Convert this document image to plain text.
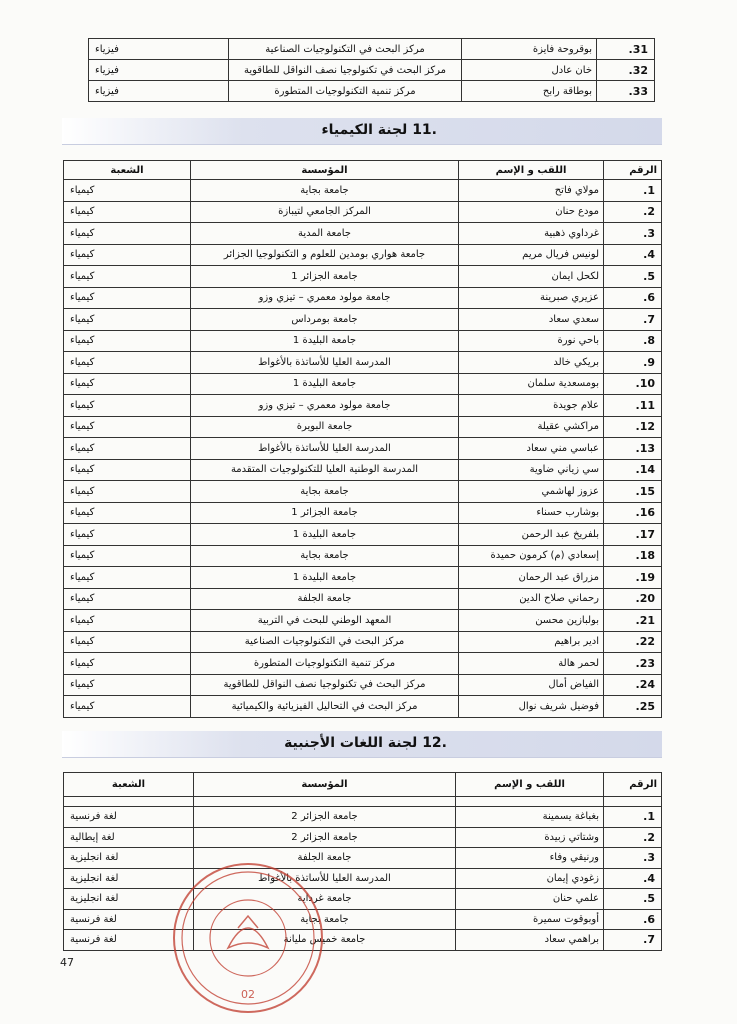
31.	بوقروحة فايزة	مركز البحث في التكنولوجيات الصناعية	فيزياء
32.	خان عادل	مركز البحث في تكنولوجيا نصف النواقل للطاقوية	فيزياء
33.	بوطاقة رابح	مركز تنمية التكنولوجيات المتطورة	فيزياء
.11 لجنة الكيمياء
الرقم	اللقب و الإسم	المؤسسة	الشعبة
1.	مولاي فاتح	جامعة بجاية	كيمياء
2.	مودع حنان	المركز الجامعي لتيبازة	كيمياء
3.	غرداوي ذهبية	جامعة المدية	كيمياء
4.	لونيس فريال مريم	جامعة هواري بومدين للعلوم و التكنولوجيا الجزائر	كيمياء
5.	لكحل ايمان	جامعة الجزائر 1	كيمياء
6.	عزيري صبرينة	جامعة مولود معمري – تيزي وزو	كيمياء
7.	سعدي سعاد	جامعة بومرداس	كيمياء
8.	باحي نورة	جامعة البليدة 1	كيمياء
9.	بريكي خالد	المدرسة العليا للأساتذة بالأغواط	كيمياء
10.	بومسعدية سلمان	جامعة البليدة 1	كيمياء
11.	علام جويدة	جامعة مولود معمري – تيزي وزو	كيمياء
12.	مراكشي عقيلة	جامعة البويرة	كيمياء
13.	عباسي مني سعاد	المدرسة العليا للأساتذة بالأغواط	كيمياء
14.	سي زياني ضاوية	المدرسة الوطنية العليا للتكنولوجيات المتقدمة	كيمياء
15.	عزوز لهاشمي	جامعة بجاية	كيمياء
16.	بوشارب حسناء	جامعة الجزائر 1	كيمياء
17.	بلفريخ عبد الرحمن	جامعة البليدة 1	كيمياء
18.	إسعادي (م) كرمون حميدة	جامعة بجاية	كيمياء
19.	مزراق عبد الرحمان	جامعة البليدة 1	كيمياء
20.	رحماني صلاح الدين	جامعة الجلفة	كيمياء
21.	بولبازين محسن	المعهد الوطني للبحث في التربية	كيمياء
22.	ادير براهيم	مركز البحث في التكنولوجيات الصناعية	كيمياء
23.	لحمر هالة	مركز تنمية التكنولوجيات المتطورة	كيمياء
24.	الفياض أمال	مركز البحث في تكنولوجيا نصف النواقل للطاقوية	كيمياء
25.	فوضيل شريف نوال	مركز البحث في التحاليل الفيزيائية والكيميائية	كيمياء
.12 لجنة اللغات الأجنبية
الرقم	اللقب و الإسم	المؤسسة	الشعبة

1.	بغباغة يسمينة	جامعة الجزائر 2	لغة فرنسية
2.	وشتاتي زبيدة	جامعة الجزائر 2	لغة إيطالية
3.	ورنيقي وفاء	جامعة الجلفة	لغة انجليزية
4.	زغودي إيمان	المدرسة العليا للأساتذة بالأغواط	لغة انجليزية
5.	علمي حنان	جامعة غرداية	لغة انجليزية
6.	أوبوقوت سميرة	جامعة بجاية	لغة فرنسية
7.	براهمي سعاد	جامعة خميس مليانة	لغة فرنسية
02
47
